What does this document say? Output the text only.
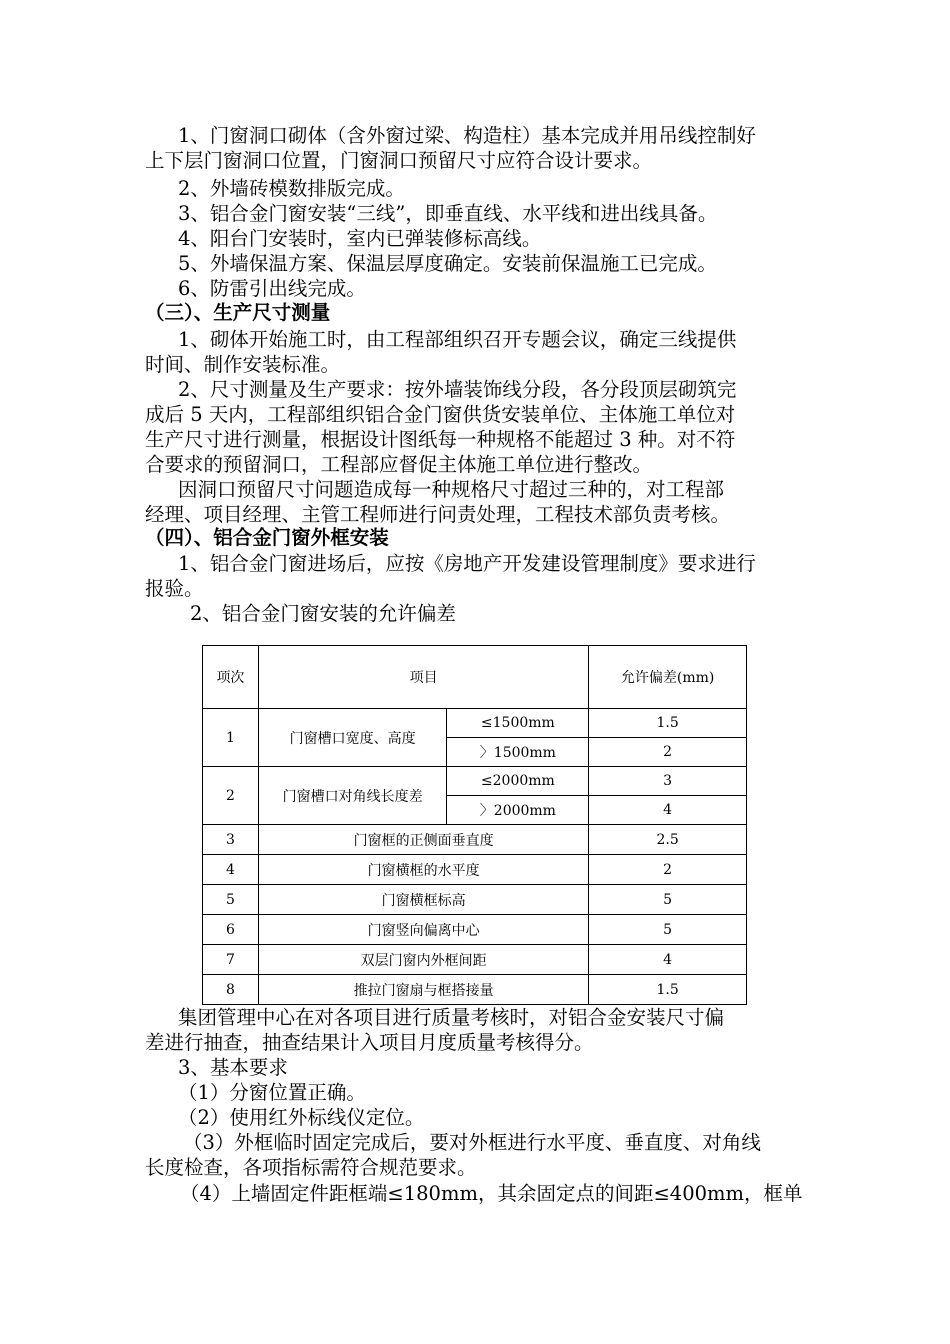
1、门窗洞口砌体（含外窗过梁、构造柱）基本完成并用吊线控制好
上下层门窗洞口位置，门窗洞口预留尺寸应符合设计要求。
2、外墙砖模数排版完成。
3、铝合金门窗安装“三线”，即垂直线、水平线和进出线具备。
4、阳台门安装时，室内已弹装修标高线。
5、外墙保温方案、保温层厚度确定。安装前保温施工已完成。
6、防雷引出线完成。
（三）、生产尺寸测量
1、砌体开始施工时，由工程部组织召开专题会议，确定三线提供
时间、制作安装标准。
2、尺寸测量及生产要求：按外墙装饰线分段，各分段顶层砌筑完
成后 5 天内，工程部组织铝合金门窗供货安装单位、主体施工单位对
生产尺寸进行测量，根据设计图纸每一种规格不能超过 3 种。对不符
合要求的预留洞口，工程部应督促主体施工单位进行整改。
因洞口预留尺寸问题造成每一种规格尺寸超过三种的，对工程部
经理、项目经理、主管工程师进行问责处理，工程技术部负责考核。
（四）、铝合金门窗外框安装
1、铝合金门窗进场后，应按《房地产开发建设管理制度》要求进行
报验。
2、铝合金门窗安装的允许偏差
项次	项目		允许偏差(mm)
1	门窗槽口宽度、高度	≤1500mm	1.5
		〉1500mm	2
2	门窗槽口对角线长度差	≤2000mm	3
		〉2000mm	4
3	门窗框的正侧面垂直度		2.5
4	门窗横框的水平度		2
5	门窗横框标高		5
6	门窗竖向偏离中心		5
7	双层门窗内外框间距		4
8	推拉门窗扇与框搭接量		1.5
集团管理中心在对各项目进行质量考核时，对铝合金安装尺寸偏
差进行抽查，抽查结果计入项目月度质量考核得分。
3、基本要求
（1）分窗位置正确。
（2）使用红外标线仪定位。
（3）外框临时固定完成后，要对外框进行水平度、垂直度、对角线
长度检查，各项指标需符合规范要求。
（4）上墙固定件距框端≤180mm，其余固定点的间距≤400mm，框单
